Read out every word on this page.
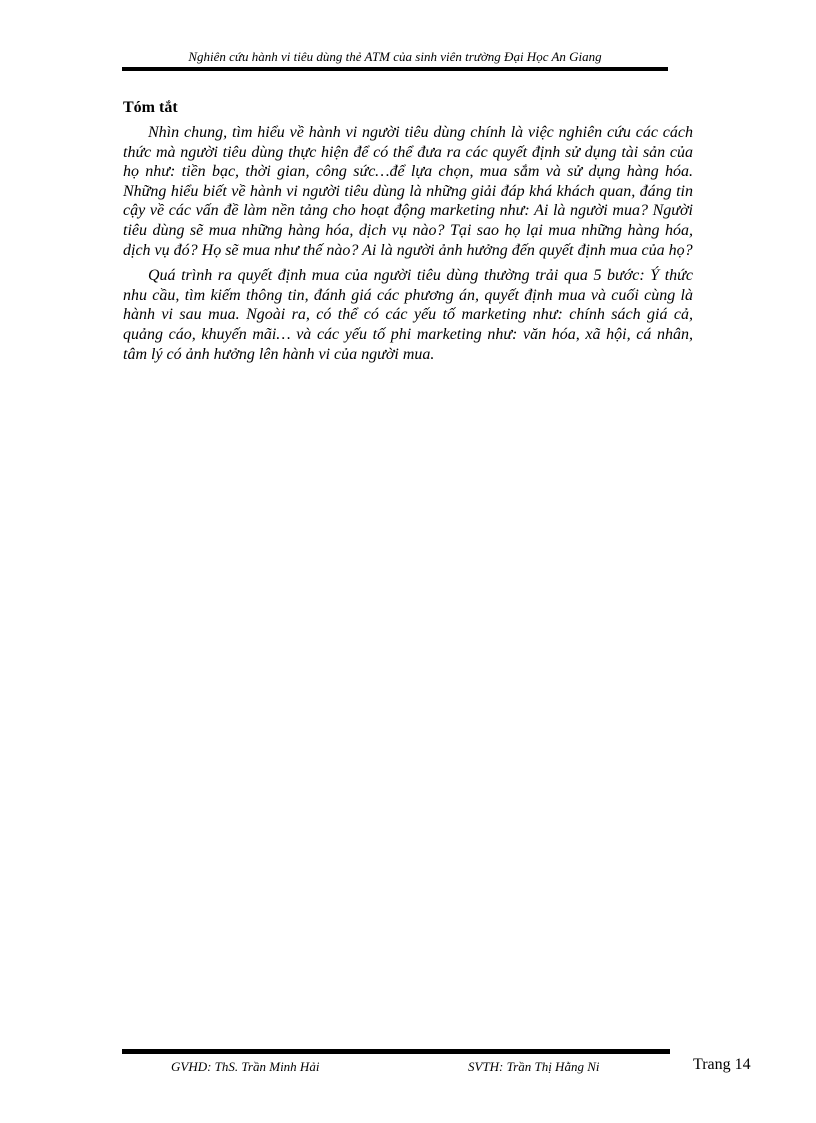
Nghiên cứu hành vi tiêu dùng thẻ ATM của sinh viên trường Đại Học An Giang
Tóm tắt

Nhìn chung, tìm hiểu về hành vi người tiêu dùng chính là việc nghiên cứu các cách thức mà người tiêu dùng thực hiện để có thể đưa ra các quyết định sử dụng tài sản của họ như: tiền bạc, thời gian, công sức…để lựa chọn, mua sắm và sử dụng hàng hóa. Những hiểu biết về hành vi người tiêu dùng là những giải đáp khá khách quan, đáng tin cậy về các vấn đề làm nền tảng cho hoạt động marketing như: Ai là người mua? Người tiêu dùng sẽ mua những hàng hóa, dịch vụ nào? Tại sao họ lại mua những hàng hóa, dịch vụ đó? Họ sẽ mua như thế nào? Ai là người ảnh hưởng đến quyết định mua của họ?

Quá trình ra quyết định mua của người tiêu dùng thường trải qua 5 bước: Ý thức nhu cầu, tìm kiếm thông tin, đánh giá các phương án, quyết định mua và cuối cùng là hành vi sau mua. Ngoài ra, có thể có các yếu tố marketing như: chính sách giá cả, quảng cáo, khuyến mãi… và các yếu tố phi marketing như: văn hóa, xã hội, cá nhân, tâm lý có ảnh hưởng lên hành vi của người mua.

GVHD: ThS. Trần Minh Hải	SVTH: Trần Thị Hằng Ni	Trang 14
